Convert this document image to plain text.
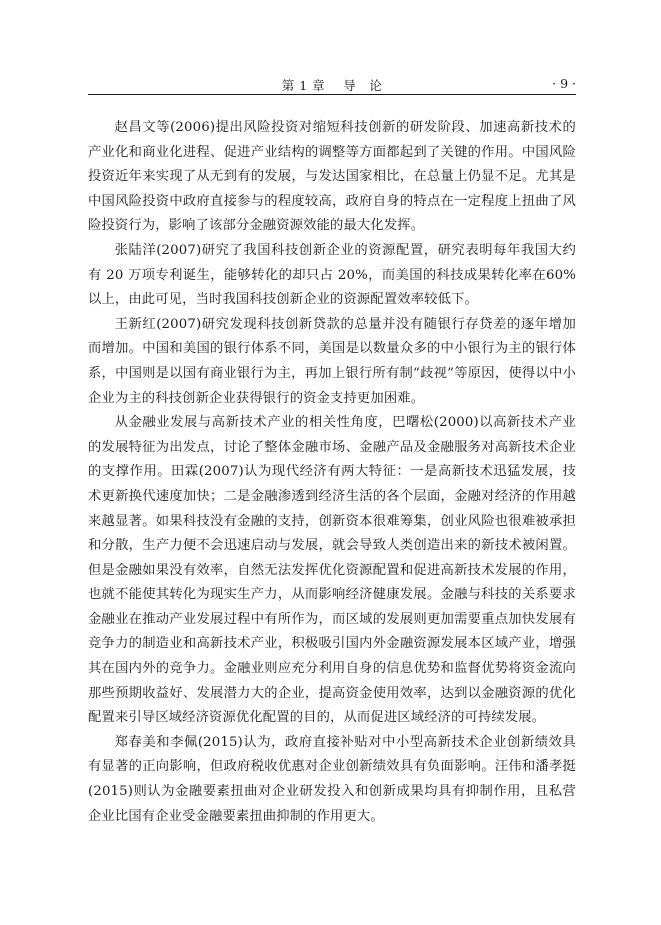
第 1 章 导　论	· 9 ·

赵昌文等(2006)提出风险投资对缩短科技创新的研发阶段、加速高新技术的产业化和商业化进程、促进产业结构的调整等方面都起到了关键的作用。中国风险投资近年来实现了从无到有的发展，与发达国家相比，在总量上仍显不足。尤其是中国风险投资中政府直接参与的程度较高，政府自身的特点在一定程度上扭曲了风险投资行为，影响了该部分金融资源效能的最大化发挥。

张陆洋(2007)研究了我国科技创新企业的资源配置，研究表明每年我国大约有 20 万项专利诞生，能够转化的却只占 20%，而美国的科技成果转化率在60%以上，由此可见，当时我国科技创新企业的资源配置效率较低下。

王新红(2007)研究发现科技创新贷款的总量并没有随银行存贷差的逐年增加而增加。中国和美国的银行体系不同，美国是以数量众多的中小银行为主的银行体系，中国则是以国有商业银行为主，再加上银行所有制“歧视”等原因，使得以中小企业为主的科技创新企业获得银行的资金支持更加困难。

从金融业发展与高新技术产业的相关性角度，巴曙松(2000)以高新技术产业的发展特征为出发点，讨论了整体金融市场、金融产品及金融服务对高新技术企业的支撑作用。田霖(2007)认为现代经济有两大特征：一是高新技术迅猛发展，技术更新换代速度加快；二是金融渗透到经济生活的各个层面，金融对经济的作用越来越显著。如果科技没有金融的支持，创新资本很难筹集，创业风险也很难被承担和分散，生产力便不会迅速启动与发展，就会导致人类创造出来的新技术被闲置。但是金融如果没有效率，自然无法发挥优化资源配置和促进高新技术发展的作用，也就不能使其转化为现实生产力，从而影响经济健康发展。金融与科技的关系要求金融业在推动产业发展过程中有所作为，而区域的发展则更加需要重点加快发展有竞争力的制造业和高新技术产业，积极吸引国内外金融资源发展本区域产业，增强其在国内外的竞争力。金融业则应充分利用自身的信息优势和监督优势将资金流向那些预期收益好、发展潜力大的企业，提高资金使用效率，达到以金融资源的优化配置来引导区域经济资源优化配置的目的，从而促进区域经济的可持续发展。

郑春美和李佩(2015)认为，政府直接补贴对中小型高新技术企业创新绩效具有显著的正向影响，但政府税收优惠对企业创新绩效具有负面影响。汪伟和潘孝挺(2015)则认为金融要素扭曲对企业研发投入和创新成果均具有抑制作用，且私营企业比国有企业受金融要素扭曲抑制的作用更大。
